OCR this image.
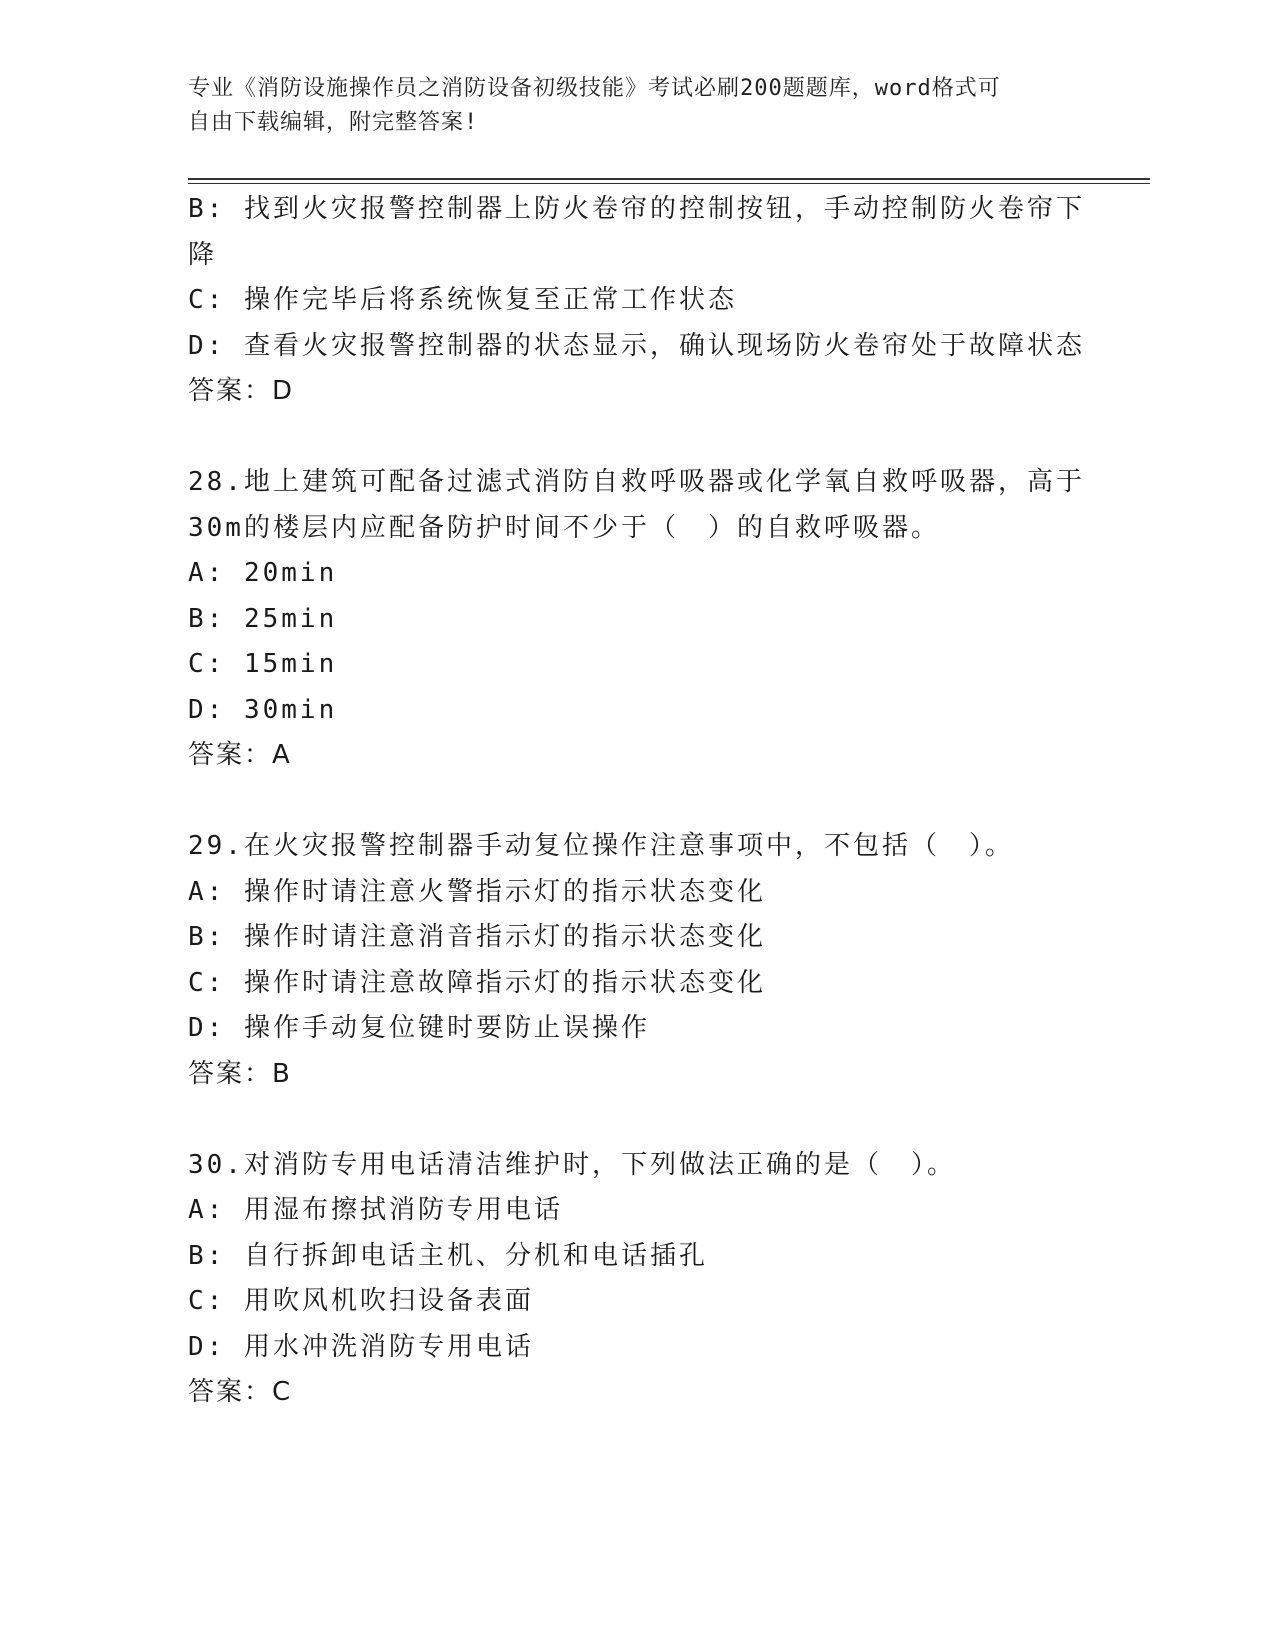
专业《消防设施操作员之消防设备初级技能》考试必刷200题题库，word格式可
自由下载编辑，附完整答案!
B: 找到火灾报警控制器上防火卷帘的控制按钮，手动控制防火卷帘下
降
C: 操作完毕后将系统恢复至正常工作状态
D: 查看火灾报警控制器的状态显示，确认现场防火卷帘处于故障状态
答案：D
28.地上建筑可配备过滤式消防自救呼吸器或化学氧自救呼吸器，高于
30m的楼层内应配备防护时间不少于（　）的自救呼吸器。
A: 20min
B: 25min
C: 15min
D: 30min
答案：A
29.在火灾报警控制器手动复位操作注意事项中，不包括（　）。
A: 操作时请注意火警指示灯的指示状态变化
B: 操作时请注意消音指示灯的指示状态变化
C: 操作时请注意故障指示灯的指示状态变化
D: 操作手动复位键时要防止误操作
答案：B
30.对消防专用电话清洁维护时，下列做法正确的是（　）。
A: 用湿布擦拭消防专用电话
B: 自行拆卸电话主机、分机和电话插孔
C: 用吹风机吹扫设备表面
D: 用水冲洗消防专用电话
答案：C
